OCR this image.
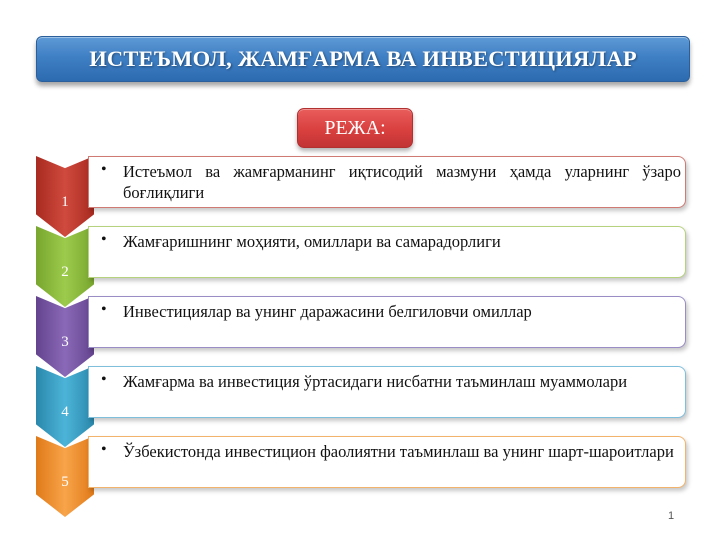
ИСТЕЪМОЛ, ЖАМҒАРМА ВА ИНВЕСТИЦИЯЛАР
РЕЖА:
1
• Истеъмол ва жамғарманинг иқтисодий мазмуни ҳамда уларнинг ўзаро боғлиқлиги
2
• Жамғаришнинг моҳияти, омиллари ва самарадорлиги
3
• Инвестициялар ва унинг даражасини белгиловчи омиллар
4
• Жамғарма ва инвестиция ўртасидаги нисбатни таъминлаш муаммолари
5
• Ўзбекистонда инвестицион фаолиятни таъминлаш ва унинг шарт-шароитлари
1
